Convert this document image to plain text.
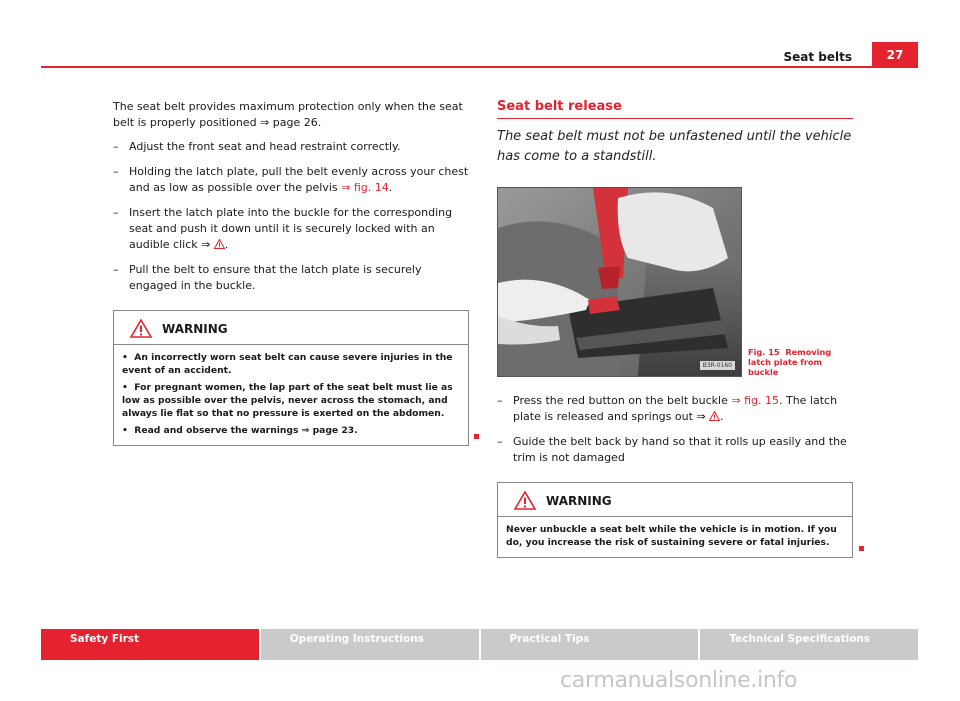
Seat belts	27

The seat belt provides maximum protection only when the seat belt is properly positioned ⇒ page 26.

– Adjust the front seat and head restraint correctly.
– Holding the latch plate, pull the belt evenly across your chest and as low as possible over the pelvis ⇒ fig. 14.
– Insert the latch plate into the buckle for the corresponding seat and push it down until it is securely locked with an audible click ⇒ .
– Pull the belt to ensure that the latch plate is securely engaged in the buckle.
WARNING

• An incorrectly worn seat belt can cause severe injuries in the event of an accident.

• For pregnant women, the lap part of the seat belt must lie as low as possible over the pelvis, never across the stomach, and always lie flat so that no pressure is exerted on the abdomen.

• Read and observe the warnings ⇒ page 23.

Seat belt release
The seat belt must not be unfastened until the vehicle has come to a standstill.
B3R-0160
Fig. 15 Removing latch plate from buckle
– Press the red button on the belt buckle ⇒ fig. 15. The latch plate is released and springs out ⇒ .
– Guide the belt back by hand so that it rolls up easily and the trim is not damaged
WARNING

Never unbuckle a seat belt while the vehicle is in motion. If you do, you increase the risk of sustaining severe or fatal injuries.

Safety First	Operating Instructions	Practical Tips	Technical Specifications
carmanualsonline.info
